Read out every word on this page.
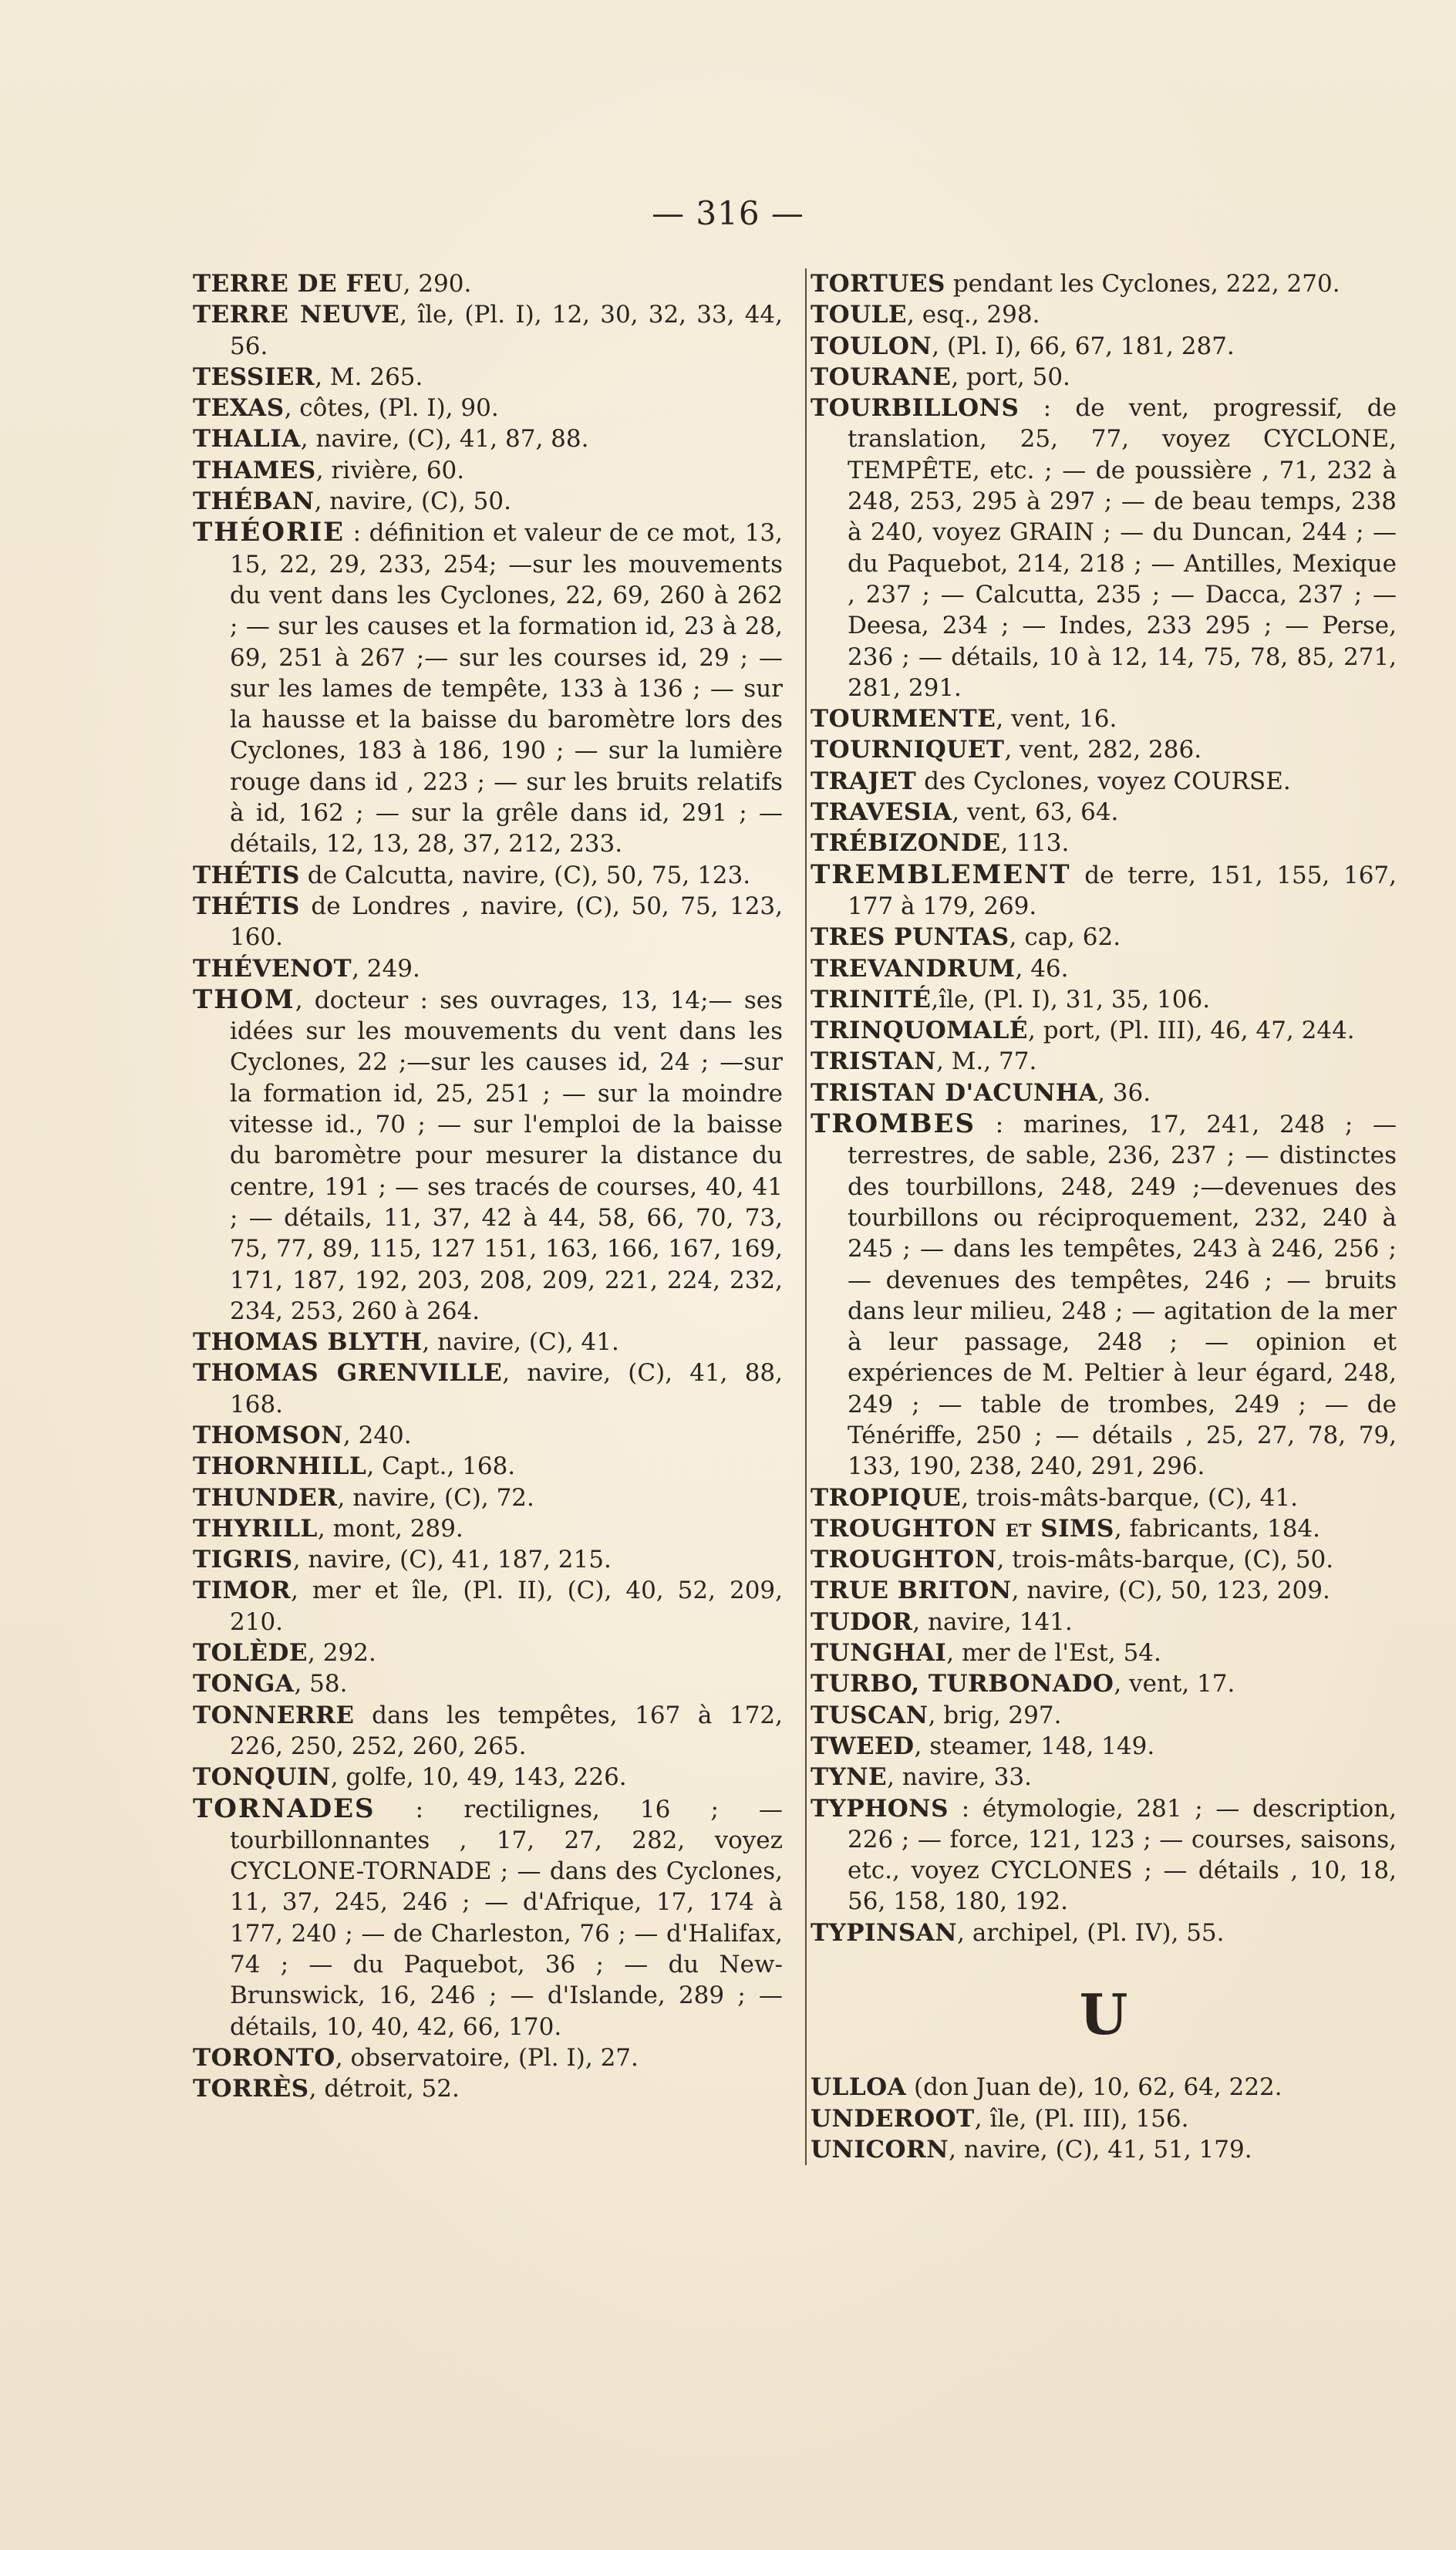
— 316 —

TERRE DE FEU, 290.

TERRE NEUVE, île, (Pl. I), 12, 30, 32, 33, 44, 56.

TESSIER, M. 265.

TEXAS, côtes, (Pl. I), 90.

THALIA, navire, (C), 41, 87, 88.

THAMES, rivière, 60.

THÉBAN, navire, (C), 50.

THÉORIE : définition et valeur de ce mot, 13, 15, 22, 29, 233, 254; —sur les mouvements du vent dans les Cyclones, 22, 69, 260 à 262 ; — sur les causes et la formation id, 23 à 28, 69, 251 à 267 ;— sur les courses id, 29 ; — sur les lames de tempête, 133 à 136 ; — sur la hausse et la baisse du baromètre lors des Cyclones, 183 à 186, 190 ; — sur la lumière rouge dans id , 223 ; — sur les bruits relatifs à id, 162 ; — sur la grêle dans id, 291 ; — détails, 12, 13, 28, 37, 212, 233.

THÉTIS de Calcutta, navire, (C), 50, 75, 123.

THÉTIS de Londres , navire, (C), 50, 75, 123, 160.

THÉVENOT, 249.

THOM, docteur : ses ouvrages, 13, 14;— ses idées sur les mouvements du vent dans les Cyclones, 22 ;—sur les causes id, 24 ; —sur la formation id, 25, 251 ; — sur la moindre vitesse id., 70 ; — sur l'emploi de la baisse du baromètre pour mesurer la distance du centre, 191 ; — ses tracés de courses, 40, 41 ; — détails, 11, 37, 42 à 44, 58, 66, 70, 73, 75, 77, 89, 115, 127 151, 163, 166, 167, 169, 171, 187, 192, 203, 208, 209, 221, 224, 232, 234, 253, 260 à 264.

THOMAS BLYTH, navire, (C), 41.

THOMAS GRENVILLE, navire, (C), 41, 88, 168.

THOMSON, 240.

THORNHILL, Capt., 168.

THUNDER, navire, (C), 72.

THYRILL, mont, 289.

TIGRIS, navire, (C), 41, 187, 215.

TIMOR, mer et île, (Pl. II), (C), 40, 52, 209, 210.

TOLÈDE, 292.

TONGA, 58.

TONNERRE dans les tempêtes, 167 à 172, 226, 250, 252, 260, 265.

TONQUIN, golfe, 10, 49, 143, 226.

TORNADES : rectilignes, 16 ; — tourbillonnantes , 17, 27, 282, voyez CYCLONE-TORNADE ; — dans des Cyclones, 11, 37, 245, 246 ; — d'Afrique, 17, 174 à 177, 240 ; — de Charleston, 76 ; — d'Halifax, 74 ; — du Paquebot, 36 ; — du New-Brunswick, 16, 246 ; — d'Islande, 289 ; — détails, 10, 40, 42, 66, 170.

TORONTO, observatoire, (Pl. I), 27.

TORRÈS, détroit, 52.

TORTUES pendant les Cyclones, 222, 270.

TOULE, esq., 298.

TOULON, (Pl. I), 66, 67, 181, 287.

TOURANE, port, 50.

TOURBILLONS : de vent, progressif, de translation, 25, 77, voyez CYCLONE, TEMPÊTE, etc. ; — de poussière , 71, 232 à 248, 253, 295 à 297 ; — de beau temps, 238 à 240, voyez GRAIN ; — du Duncan, 244 ; — du Paquebot, 214, 218 ; — Antilles, Mexique , 237 ; — Calcutta, 235 ; — Dacca, 237 ; — Deesa, 234 ; — Indes, 233 295 ; — Perse, 236 ; — détails, 10 à 12, 14, 75, 78, 85, 271, 281, 291.

TOURMENTE, vent, 16.

TOURNIQUET, vent, 282, 286.

TRAJET des Cyclones, voyez COURSE.

TRAVESIA, vent, 63, 64.

TRÉBIZONDE, 113.

TREMBLEMENT de terre, 151, 155, 167, 177 à 179, 269.

TRES PUNTAS, cap, 62.

TREVANDRUM, 46.

TRINITÉ,île, (Pl. I), 31, 35, 106.

TRINQUOMALÉ, port, (Pl. III), 46, 47, 244.

TRISTAN, M., 77.

TRISTAN D'ACUNHA, 36.

TROMBES : marines, 17, 241, 248 ; — terrestres, de sable, 236, 237 ; — distinctes des tourbillons, 248, 249 ;—devenues des tourbillons ou réciproquement, 232, 240 à 245 ; — dans les tempêtes, 243 à 246, 256 ; — devenues des tempêtes, 246 ; — bruits dans leur milieu, 248 ; — agitation de la mer à leur passage, 248 ; — opinion et expériences de M. Peltier à leur égard, 248, 249 ; — table de trombes, 249 ; — de Ténériffe, 250 ; — détails , 25, 27, 78, 79, 133, 190, 238, 240, 291, 296.

TROPIQUE, trois-mâts-barque, (C), 41.

TROUGHTON et SIMS, fabricants, 184.

TROUGHTON, trois-mâts-barque, (C), 50.

TRUE BRITON, navire, (C), 50, 123, 209.

TUDOR, navire, 141.

TUNGHAI, mer de l'Est, 54.

TURBO, TURBONADO, vent, 17.

TUSCAN, brig, 297.

TWEED, steamer, 148, 149.

TYNE, navire, 33.

TYPHONS : étymologie, 281 ; — description, 226 ; — force, 121, 123 ; — courses, saisons, etc., voyez CYCLONES ; — détails , 10, 18, 56, 158, 180, 192.

TYPINSAN, archipel, (Pl. IV), 55.

U

ULLOA (don Juan de), 10, 62, 64, 222.

UNDEROOT, île, (Pl. III), 156.

UNICORN, navire, (C), 41, 51, 179.
